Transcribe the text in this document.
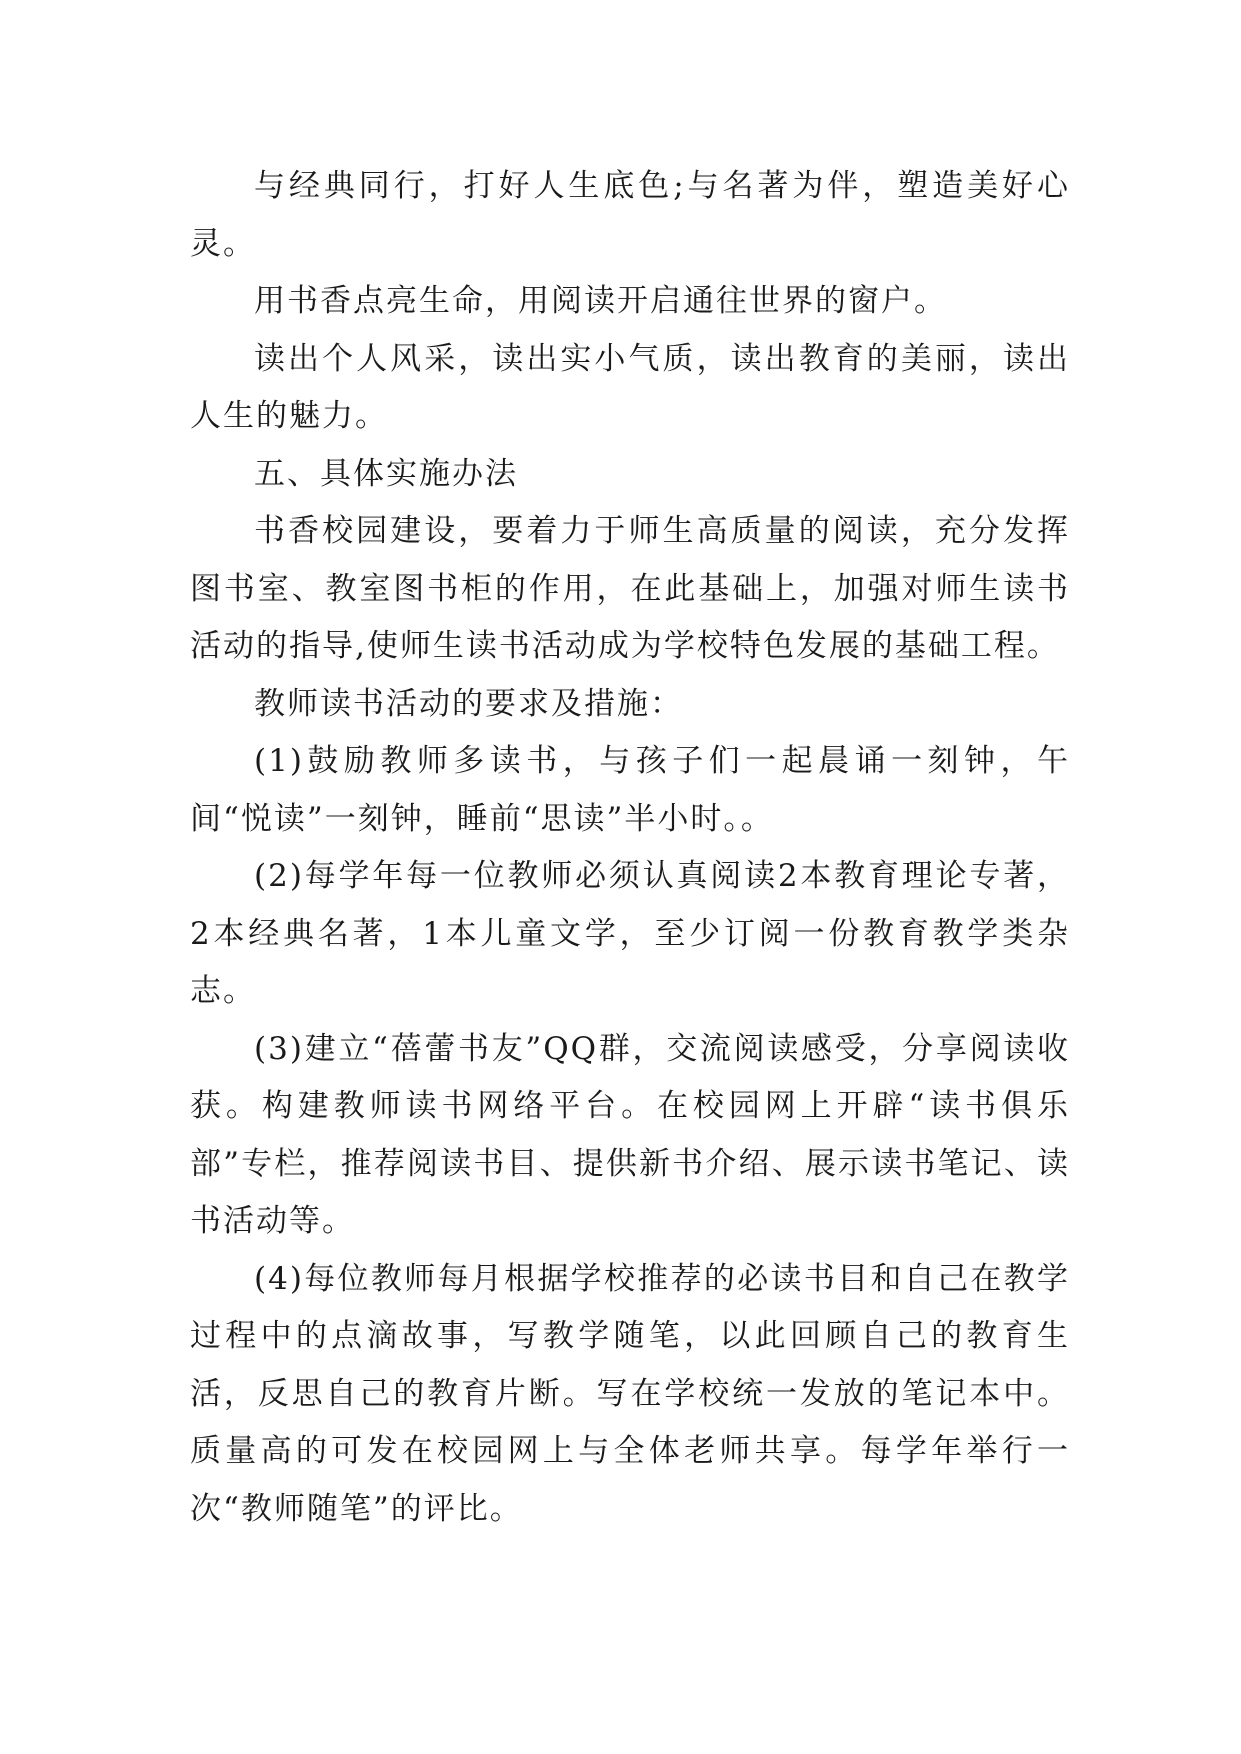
与经典同行，打好人生底色;与名著为伴，塑造美好心灵。

用书香点亮生命，用阅读开启通往世界的窗户。

读出个人风采，读出实小气质，读出教育的美丽，读出人生的魅力。

五、具体实施办法

书香校园建设，要着力于师生高质量的阅读，充分发挥图书室、教室图书柜的作用，在此基础上，加强对师生读书活动的指导,使师生读书活动成为学校特色发展的基础工程。

教师读书活动的要求及措施：

(1)鼓励教师多读书，与孩子们一起晨诵一刻钟，午间“悦读”一刻钟，睡前“思读”半小时。。

(2)每学年每一位教师必须认真阅读2本教育理论专著，2本经典名著，1本儿童文学，至少订阅一份教育教学类杂志。

(3)建立“蓓蕾书友”QQ群，交流阅读感受，分享阅读收获。构建教师读书网络平台。在校园网上开辟“读书俱乐部”专栏，推荐阅读书目、提供新书介绍、展示读书笔记、读书活动等。

(4)每位教师每月根据学校推荐的必读书目和自己在教学过程中的点滴故事，写教学随笔，以此回顾自己的教育生活，反思自己的教育片断。写在学校统一发放的笔记本中。质量高的可发在校园网上与全体老师共享。每学年举行一次“教师随笔”的评比。
